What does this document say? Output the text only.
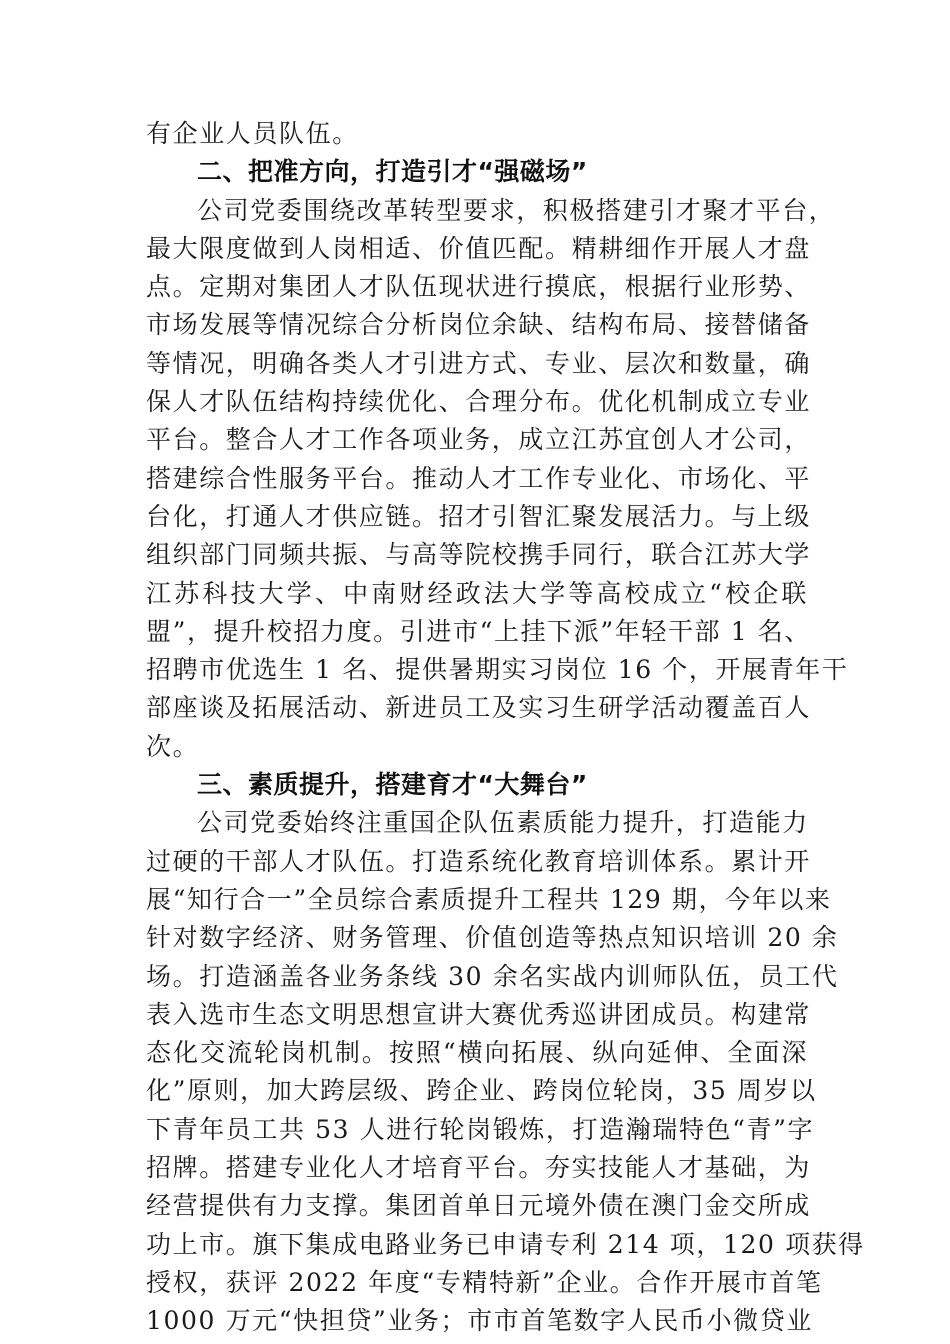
有企业人员队伍。
二、把准方向，打造引才“强磁场”
公司党委围绕改革转型要求，积极搭建引才聚才平台，
最大限度做到人岗相适、价值匹配。精耕细作开展人才盘
点。定期对集团人才队伍现状进行摸底，根据行业形势、
市场发展等情况综合分析岗位余缺、结构布局、接替储备
等情况，明确各类人才引进方式、专业、层次和数量，确
保人才队伍结构持续优化、合理分布。优化机制成立专业
平台。整合人才工作各项业务，成立江苏宜创人才公司，
搭建综合性服务平台。推动人才工作专业化、市场化、平
台化，打通人才供应链。招才引智汇聚发展活力。与上级
组织部门同频共振、与高等院校携手同行，联合江苏大学
江苏科技大学、中南财经政法大学等高校成立“校企联
盟”，提升校招力度。引进市“上挂下派”年轻干部 1 名、
招聘市优选生 1 名、提供暑期实习岗位 16 个，开展青年干
部座谈及拓展活动、新进员工及实习生研学活动覆盖百人
次。
三、素质提升，搭建育才“大舞台”
公司党委始终注重国企队伍素质能力提升，打造能力
过硬的干部人才队伍。打造系统化教育培训体系。累计开
展“知行合一”全员综合素质提升工程共 129 期，今年以来
针对数字经济、财务管理、价值创造等热点知识培训 20 余
场。打造涵盖各业务条线 30 余名实战内训师队伍，员工代
表入选市生态文明思想宣讲大赛优秀巡讲团成员。构建常
态化交流轮岗机制。按照“横向拓展、纵向延伸、全面深
化”原则，加大跨层级、跨企业、跨岗位轮岗，35 周岁以
下青年员工共 53 人进行轮岗锻炼，打造瀚瑞特色“青”字
招牌。搭建专业化人才培育平台。夯实技能人才基础，为
经营提供有力支撑。集团首单日元境外债在澳门金交所成
功上市。旗下集成电路业务已申请专利 214 项，120 项获得
授权，获评 2022 年度“专精特新”企业。合作开展市首笔
1000 万元“快担贷”业务；市市首笔数字人民币小微贷业
